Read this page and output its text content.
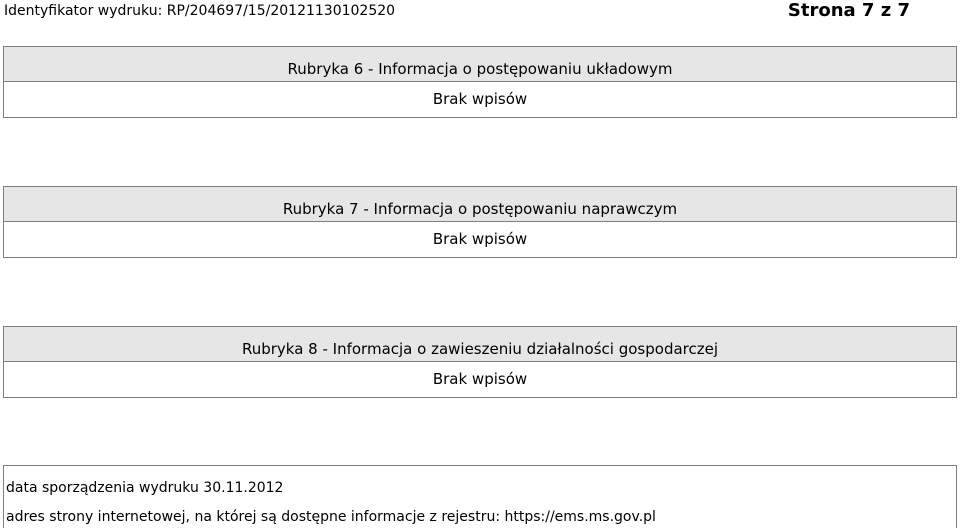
Identyfikator wydruku: RP/204697/15/20121130102520	Strona 7 z 7
Rubryka 6 - Informacja o postępowaniu układowym
Brak wpisów
Rubryka 7 - Informacja o postępowaniu naprawczym
Brak wpisów
Rubryka 8 - Informacja o zawieszeniu działalności gospodarczej
Brak wpisów
data sporządzenia wydruku 30.11.2012
adres strony internetowej, na której są dostępne informacje z rejestru: https://ems.ms.gov.pl
